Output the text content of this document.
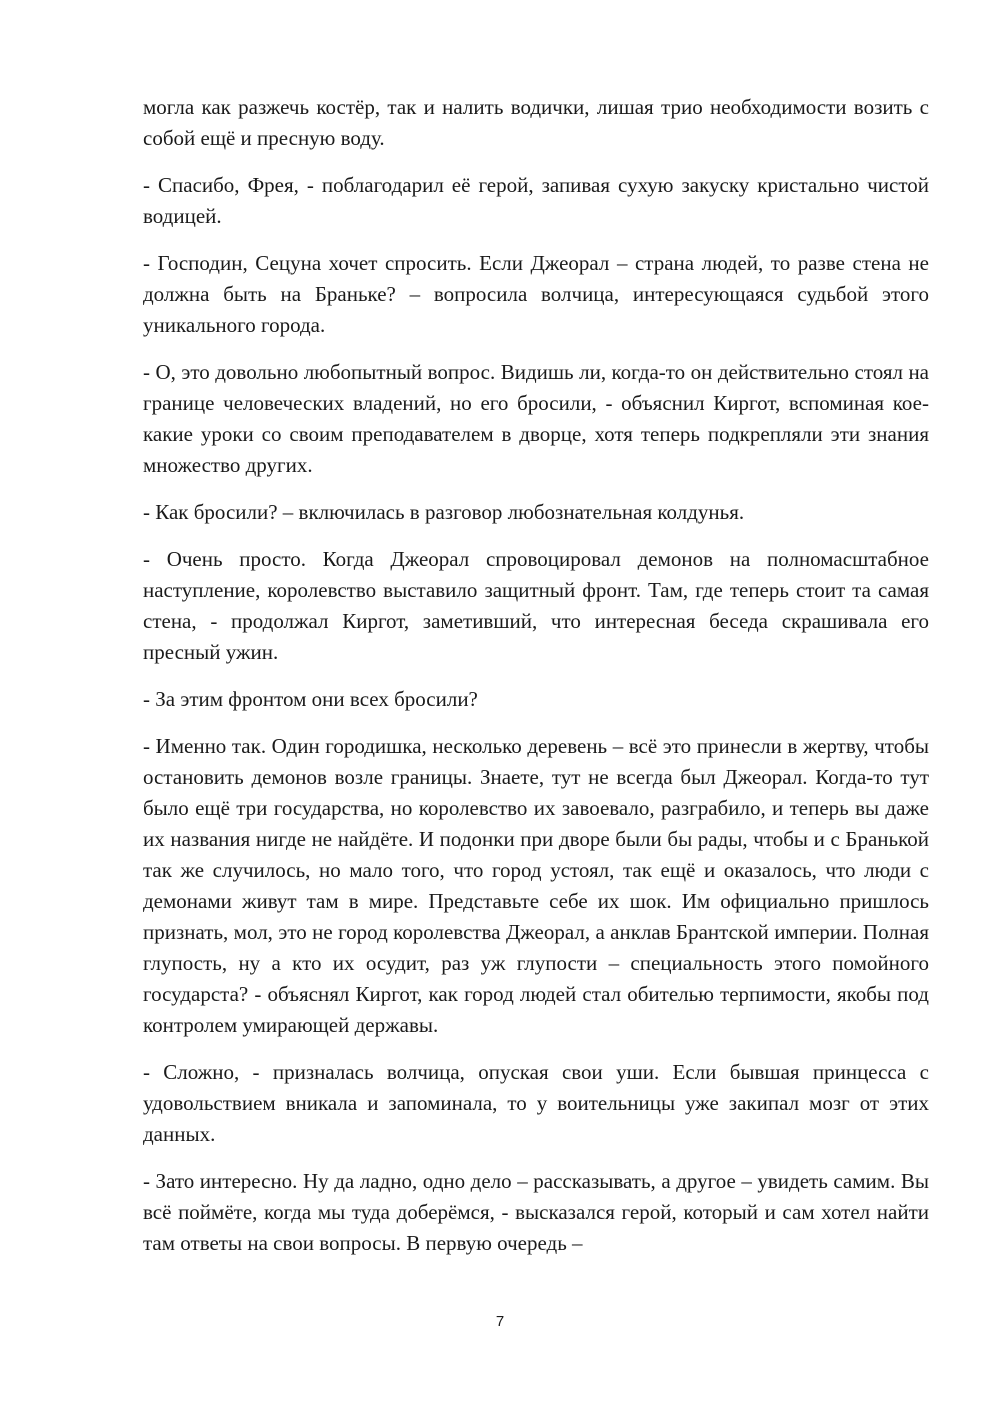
могла как разжечь костёр, так и налить водички, лишая трио необходимости возить с собой ещё и пресную воду.

- Спасибо, Фрея, - поблагодарил её герой, запивая сухую закуску кристально чистой водицей.

- Господин, Сецуна хочет спросить. Если Джеорал – страна людей, то разве стена не должна быть на Браньке? – вопросила волчица, интересующаяся судьбой этого уникального города.

- О, это довольно любопытный вопрос. Видишь ли, когда-то он действительно стоял на границе человеческих владений, но его бросили, - объяснил Киргот, вспоминая кое-какие уроки со своим преподавателем в дворце, хотя теперь подкрепляли эти знания множество других.

- Как бросили? – включилась в разговор любознательная колдунья.

- Очень просто. Когда Джеорал спровоцировал демонов на полномасштабное наступление, королевство выставило защитный фронт. Там, где теперь стоит та самая стена, - продолжал Киргот, заметивший, что интересная беседа скрашивала его пресный ужин.

- За этим фронтом они всех бросили?

- Именно так. Один городишка, несколько деревень – всё это принесли в жертву, чтобы остановить демонов возле границы. Знаете, тут не всегда был Джеорал. Когда-то тут было ещё три государства, но королевство их завоевало, разграбило, и теперь вы даже их названия нигде не найдёте. И подонки при дворе были бы рады, чтобы и с Бранькой так же случилось, но мало того, что город устоял, так ещё и оказалось, что люди с демонами живут там в мире. Представьте себе их шок. Им официально пришлось признать, мол, это не город королевства Джеорал, а анклав Брантской империи. Полная глупость, ну а кто их осудит, раз уж глупости – специальность этого помойного государста? - объяснял Киргот, как город людей стал обителью терпимости, якобы под контролем умирающей державы.

- Сложно, - призналась волчица, опуская свои уши. Если бывшая принцесса с удовольствием вникала и запоминала, то у воительницы уже закипал мозг от этих данных.

- Зато интересно. Ну да ладно, одно дело – рассказывать, а другое – увидеть самим. Вы всё поймёте, когда мы туда доберёмся, - высказался герой, который и сам хотел найти там ответы на свои вопросы. В первую очередь –

7
